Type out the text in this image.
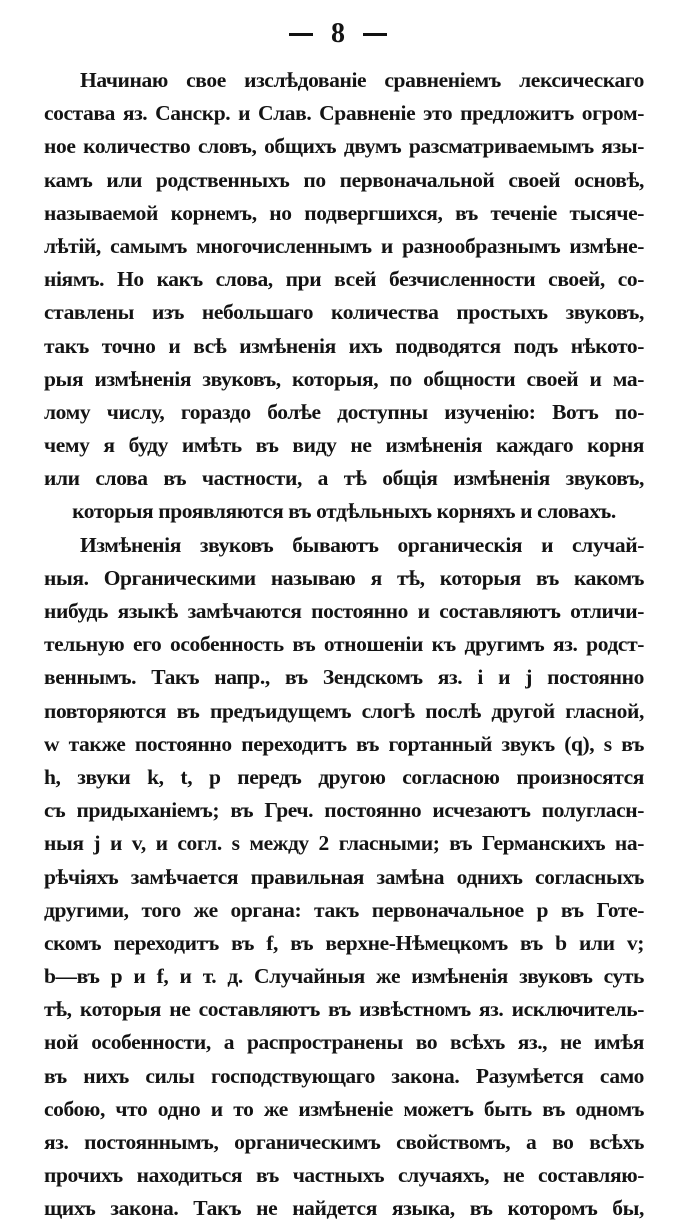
8
Начинаю свое изслѣдованіе сравненіемъ лексическаго
состава яз. Санскр. и Слав. Сравненіе это предложитъ огром-
ное количество словъ, общихъ двумъ разсматриваемымъ язы-
камъ или родственныхъ по первоначальной своей основѣ,
называемой корнемъ, но подвергшихся, въ теченіе тысяче-
лѣтій, самымъ многочисленнымъ и разнообразнымъ измѣне-
ніямъ. Но какъ слова, при всей безчисленности своей, со-
ставлены изъ небольшаго количества простыхъ звуковъ,
такъ точно и всѣ измѣненія ихъ подводятся подъ нѣкото-
рыя измѣненія звуковъ, которыя, по общности своей и ма-
лому числу, гораздо болѣе доступны изученію: Вотъ по-
чему я буду имѣть въ виду не измѣненія каждаго корня
или слова въ частности, а тѣ общія измѣненія звуковъ,
которыя проявляются въ отдѣльныхъ корняхъ и словахъ.
Измѣненія звуковъ бываютъ органическія и случай-
ныя. Органическими называю я тѣ, которыя въ какомъ
нибудь языкѣ замѣчаются постоянно и составляютъ отличи-
тельную его особенность въ отношеніи къ другимъ яз. родст-
веннымъ. Такъ напр., въ Зендскомъ яз. i и j постоянно
повторяются въ предъидущемъ слогѣ послѣ другой гласной,
w также постоянно переходитъ въ гортанный звукъ (q), s въ
h, звуки k, t, p передъ другою согласною произносятся
съ придыханіемъ; въ Греч. постоянно исчезаютъ полугласн-
ныя j и v, и согл. s между 2 гласными; въ Германскихъ на-
рѣчіяхъ замѣчается правильная замѣна однихъ согласныхъ
другими, того же органа: такъ первоначальное p въ Готе-
скомъ переходитъ въ f, въ верхне-Нѣмецкомъ въ b или v;
b—въ p и f, и т. д. Случайныя же измѣненія звуковъ суть
тѣ, которыя не составляютъ въ извѣстномъ яз. исключитель-
ной особенности, а распространены во всѣхъ яз., не имѣя
въ нихъ силы господствующаго закона. Разумѣется само
собою, что одно и то же измѣненіе можетъ быть въ одномъ
яз. постояннымъ, органическимъ свойствомъ, а во всѣхъ
прочихъ находиться въ частныхъ случаяхъ, не составляю-
щихъ закона. Такъ не найдется языка, въ которомъ бы,
